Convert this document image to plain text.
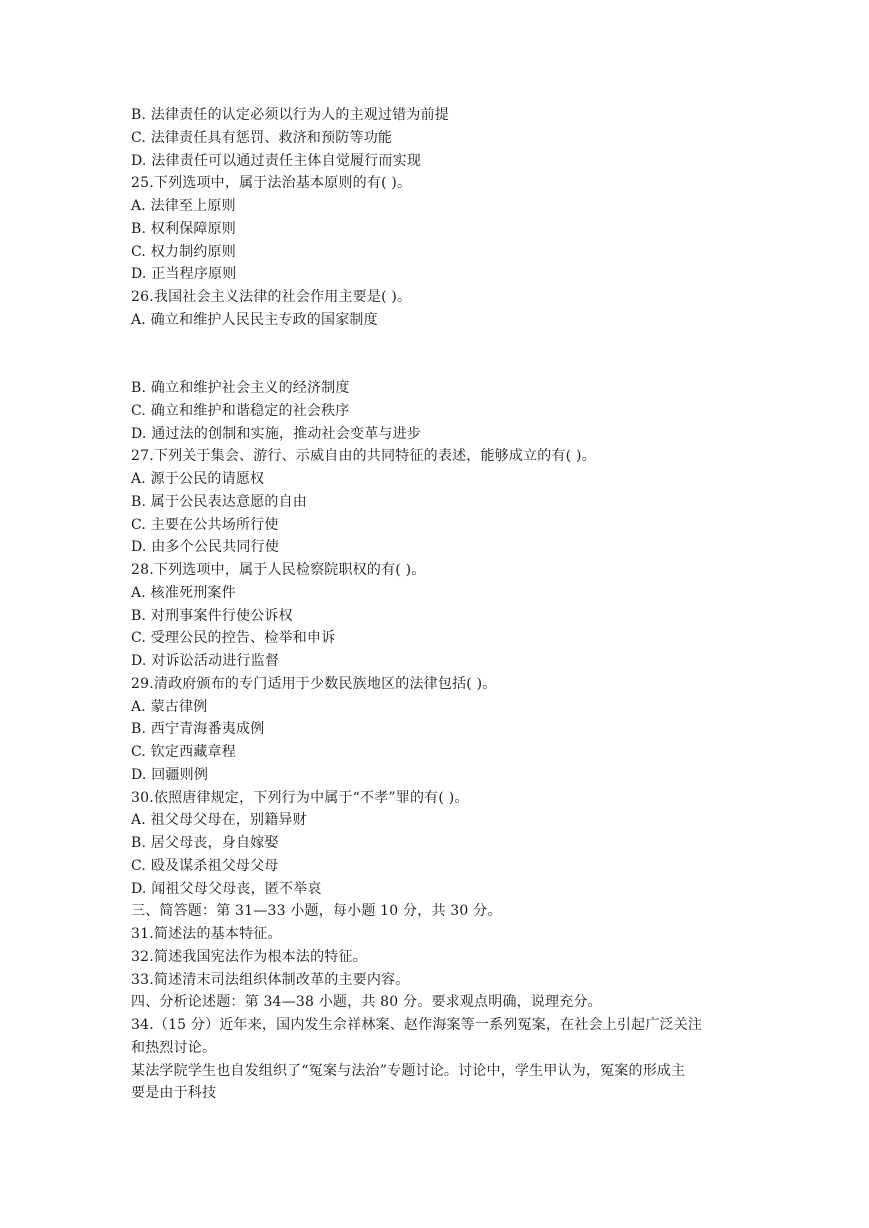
B. 法律责任的认定必须以行为人的主观过错为前提
C. 法律责任具有惩罚、救济和预防等功能
D. 法律责任可以通过责任主体自觉履行而实现
25.下列选项中，属于法治基本原则的有( )。
A. 法律至上原则
B. 权利保障原则
C. 权力制约原则
D. 正当程序原则
26.我国社会主义法律的社会作用主要是( )。
A. 确立和维护人民民主专政的国家制度
B. 确立和维护社会主义的经济制度
C. 确立和维护和谐稳定的社会秩序
D. 通过法的创制和实施，推动社会变革与进步
27.下列关于集会、游行、示威自由的共同特征的表述，能够成立的有( )。
A. 源于公民的请愿权
B. 属于公民表达意愿的自由
C. 主要在公共场所行使
D. 由多个公民共同行使
28.下列选项中，属于人民检察院职权的有( )。
A. 核准死刑案件
B. 对刑事案件行使公诉权
C. 受理公民的控告、检举和申诉
D. 对诉讼活动进行监督
29.清政府颁布的专门适用于少数民族地区的法律包括( )。
A. 蒙古律例
B. 西宁青海番夷成例
C. 钦定西藏章程
D. 回疆则例
30.依照唐律规定，下列行为中属于“不孝”罪的有( )。
A. 祖父母父母在，别籍异财
B. 居父母丧，身自嫁娶
C. 殴及谋杀祖父母父母
D. 闻祖父母父母丧，匿不举哀
三、简答题：第 31—33 小题，每小题 10 分，共 30 分。
31.简述法的基本特征。
32.简述我国宪法作为根本法的特征。
33.简述清末司法组织体制改革的主要内容。
四、分析论述题：第 34—38 小题，共 80 分。要求观点明确，说理充分。
34.（15 分）近年来，国内发生佘祥林案、赵作海案等一系列冤案，在社会上引起广泛关注
和热烈讨论。
某法学院学生也自发组织了“冤案与法治”专题讨论。讨论中，学生甲认为，冤案的形成主
要是由于科技
